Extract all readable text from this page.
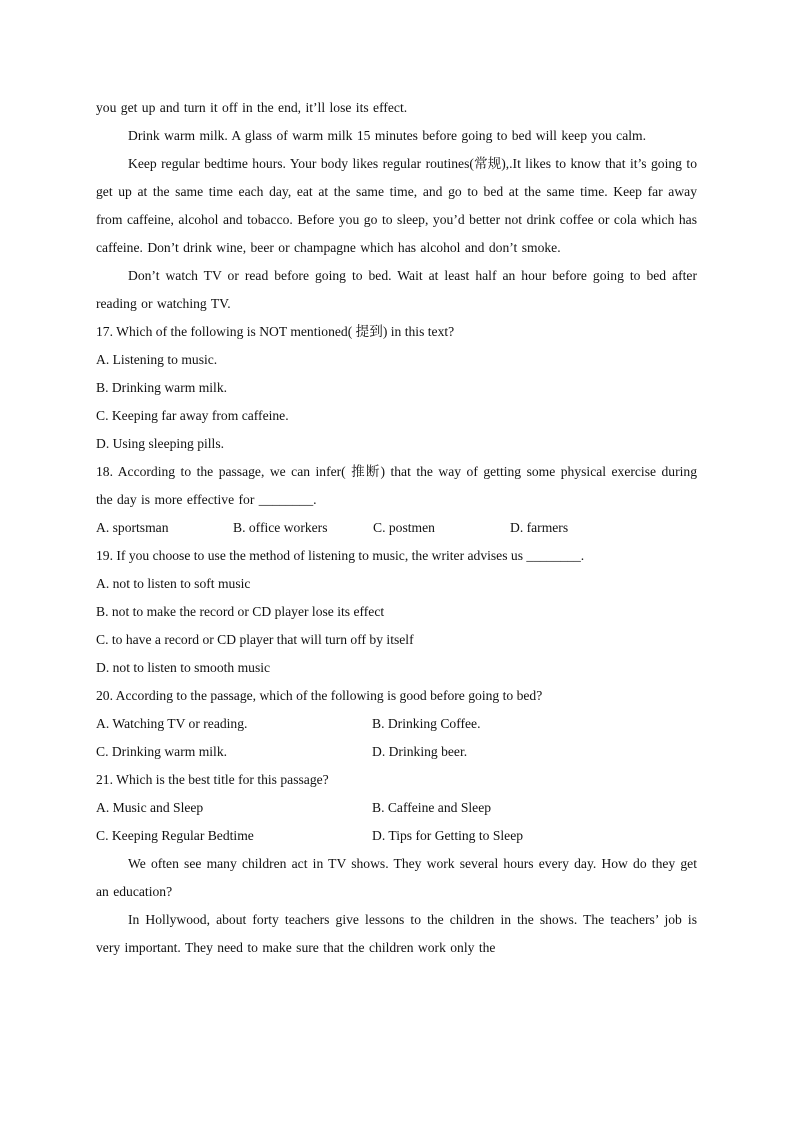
you get up and turn it off in the end, it’ll lose its effect.

Drink warm milk. A glass of warm milk 15 minutes before going to bed will keep you calm.

Keep regular bedtime hours. Your body likes regular routines(常规),.It likes to know that it’s going to get up at the same time each day, eat at the same time, and go to bed at the same time. Keep far away from caffeine, alcohol and tobacco. Before you go to sleep, you’d better not drink coffee or cola which has caffeine. Don’t drink wine, beer or champagne which has alcohol and don’t smoke.

Don’t watch TV or read before going to bed. Wait at least half an hour before going to bed after reading or watching TV.

17. Which of the following is NOT mentioned( 提到) in this text?

A. Listening to music.

B. Drinking warm milk.

C. Keeping far away from caffeine.

D. Using sleeping pills.

18. According to the passage, we can infer( 推断) that the way of getting some physical exercise during the day is more effective for ________.

A. sportsman	B. office workers	C. postmen	D. farmers

19. If you choose to use the method of listening to music, the writer advises us ________.

A. not to listen to soft music

B. not to make the record or CD player lose its effect

C. to have a record or CD player that will turn off by itself

D. not to listen to smooth music

20. According to the passage, which of the following is good before going to bed?

A. Watching TV or reading.	B. Drinking Coffee.
C. Drinking warm milk.	D. Drinking beer.

21. Which is the best title for this passage?

A. Music and Sleep	B. Caffeine and Sleep
C. Keeping Regular Bedtime	D. Tips for Getting to Sleep

We often see many children act in TV shows. They work several hours every day. How do they get an education?

In Hollywood, about forty teachers give lessons to the children in the shows. The teachers’ job is very important. They need to make sure that the children work only the
